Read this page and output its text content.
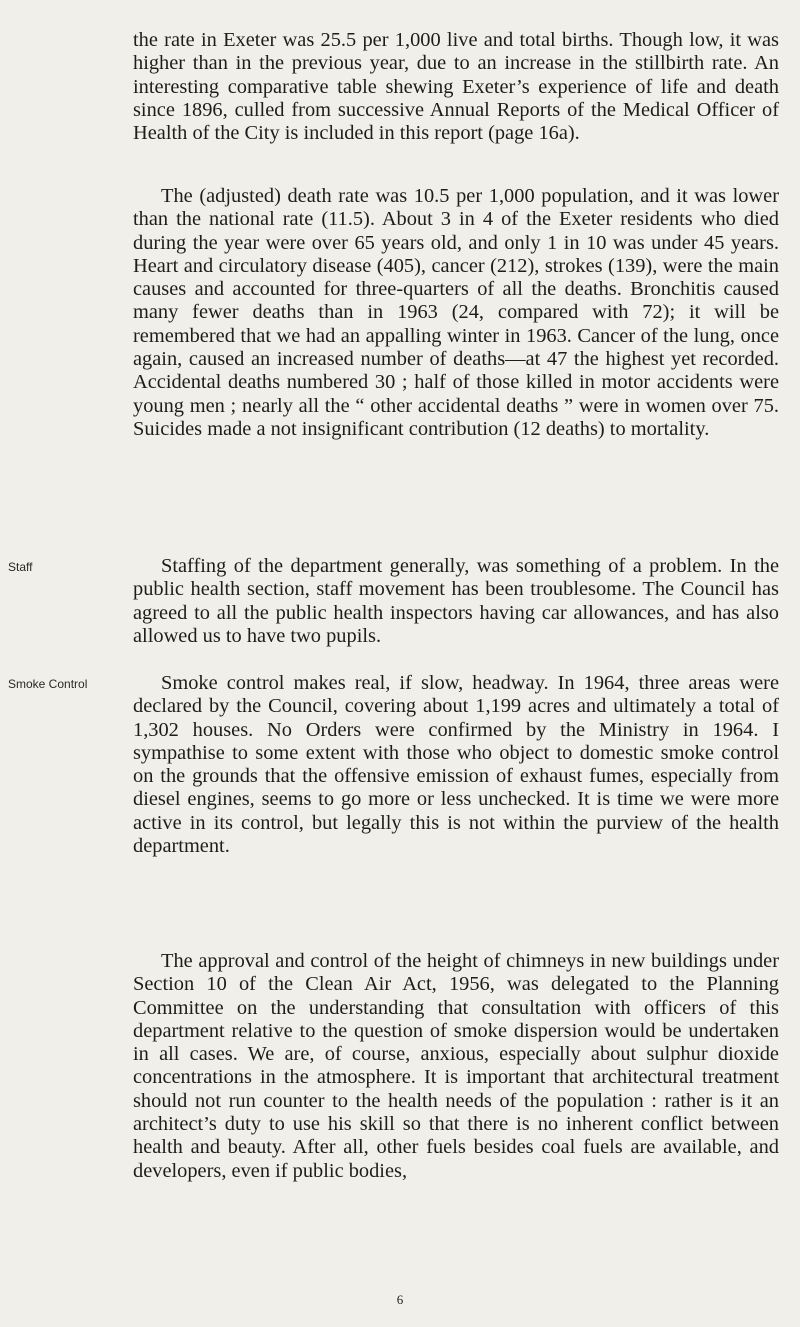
Staff
Smoke Control

the rate in Exeter was 25.5 per 1,000 live and total births. Though low, it was higher than in the previous year, due to an increase in the stillbirth rate. An interesting comparative table shewing Exeter’s experience of life and death since 1896, culled from successive Annual Reports of the Medical Officer of Health of the City is included in this report (page 16a).

The (adjusted) death rate was 10.5 per 1,000 population, and it was lower than the national rate (11.5). About 3 in 4 of the Exeter residents who died during the year were over 65 years old, and only 1 in 10 was under 45 years. Heart and circulatory disease (405), cancer (212), strokes (139), were the main causes and accounted for three-quarters of all the deaths. Bronchitis caused many fewer deaths than in 1963 (24, compared with 72); it will be remembered that we had an appalling winter in 1963. Cancer of the lung, once again, caused an increased number of deaths—at 47 the highest yet recorded. Accidental deaths numbered 30 ; half of those killed in motor accidents were young men ; nearly all the “ other accidental deaths ” were in women over 75. Suicides made a not insignificant contribution (12 deaths) to mortality.

Staffing of the department generally, was something of a problem. In the public health section, staff movement has been troublesome. The Council has agreed to all the public health inspectors having car allowances, and has also allowed us to have two pupils.

Smoke control makes real, if slow, headway. In 1964, three areas were declared by the Council, covering about 1,199 acres and ultimately a total of 1,302 houses. No Orders were confirmed by the Ministry in 1964. I sympathise to some extent with those who object to domestic smoke control on the grounds that the offensive emission of exhaust fumes, especially from diesel engines, seems to go more or less unchecked. It is time we were more active in its control, but legally this is not within the purview of the health department.

The approval and control of the height of chimneys in new buildings under Section 10 of the Clean Air Act, 1956, was delegated to the Planning Committee on the understanding that consultation with officers of this department relative to the question of smoke dispersion would be undertaken in all cases. We are, of course, anxious, especially about sulphur dioxide concentrations in the atmosphere. It is important that architectural treatment should not run counter to the health needs of the population : rather is it an architect’s duty to use his skill so that there is no inherent conflict between health and beauty. After all, other fuels besides coal fuels are available, and developers, even if public bodies,

6
